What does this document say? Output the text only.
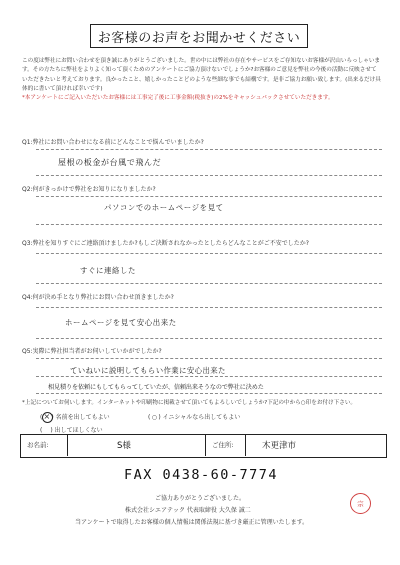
お客様のお声をお聞かせください
この度は弊社にお問い合わせを頂き誠にありがとうございました。世の中には弊社の存在やサービスをご存知ないお客様が沢山いらっしゃいます。その方たちに弊社をよりよく知って頂くためのアンケートにご協力頂けないでしょうか?お客様のご意見を弊社の今後の活動に反映させていただきたいと考えております。良かったこと、嬉しかったことどのような些細な事でも結構です。是非ご協力お願い致します。(出来るだけ具体的に書いて頂ければ幸いです)
*本アンケートにご記入いただいたお客様には工事完了後に工事金額(税抜き)の2%をキャッシュバックさせていただきます。
Q1:弊社にお問い合わせになる前にどんなことで悩んでいましたか?
屋根の板金が台風で飛んだ
Q2:何がきっかけで弊社をお知りになりましたか?
パソコンでのホームページを見て
Q3:弊社を知りすぐにご連絡頂けましたか?もしご決断されなかったとしたらどんなことがご不安でしたか?
すぐに連絡した
Q4:何が決め手となり弊社にお問い合わせ頂きましたか?
ホームページを見て安心出来た
Q5:実際に弊社担当者がお伺いしていかがでしたか?
ていねいに説明してもらい作業に安心出来た
相見積りを依頼にもしてもらってしていたが、信頼出来そうなので弊社に決めた
*上記についてお伺いします。インターネットや印刷物に掲載させて頂いてもよろしいでしょうか?下記の中から○印をお付け下さい。
(
×) 名前を出してもよい	(○) イニシャルなら出してもよい
( ) 出してほしくない
お名前:	S様	ご住所:	木更津市
FAX 0438-60-7774
ご協力ありがとうございました。
株式会社シエアテック 代表取締役 大久保 誠二
当アンケートで取得したお客様の個人情報は関係法規に基づき厳正に管理いたします。
宗
